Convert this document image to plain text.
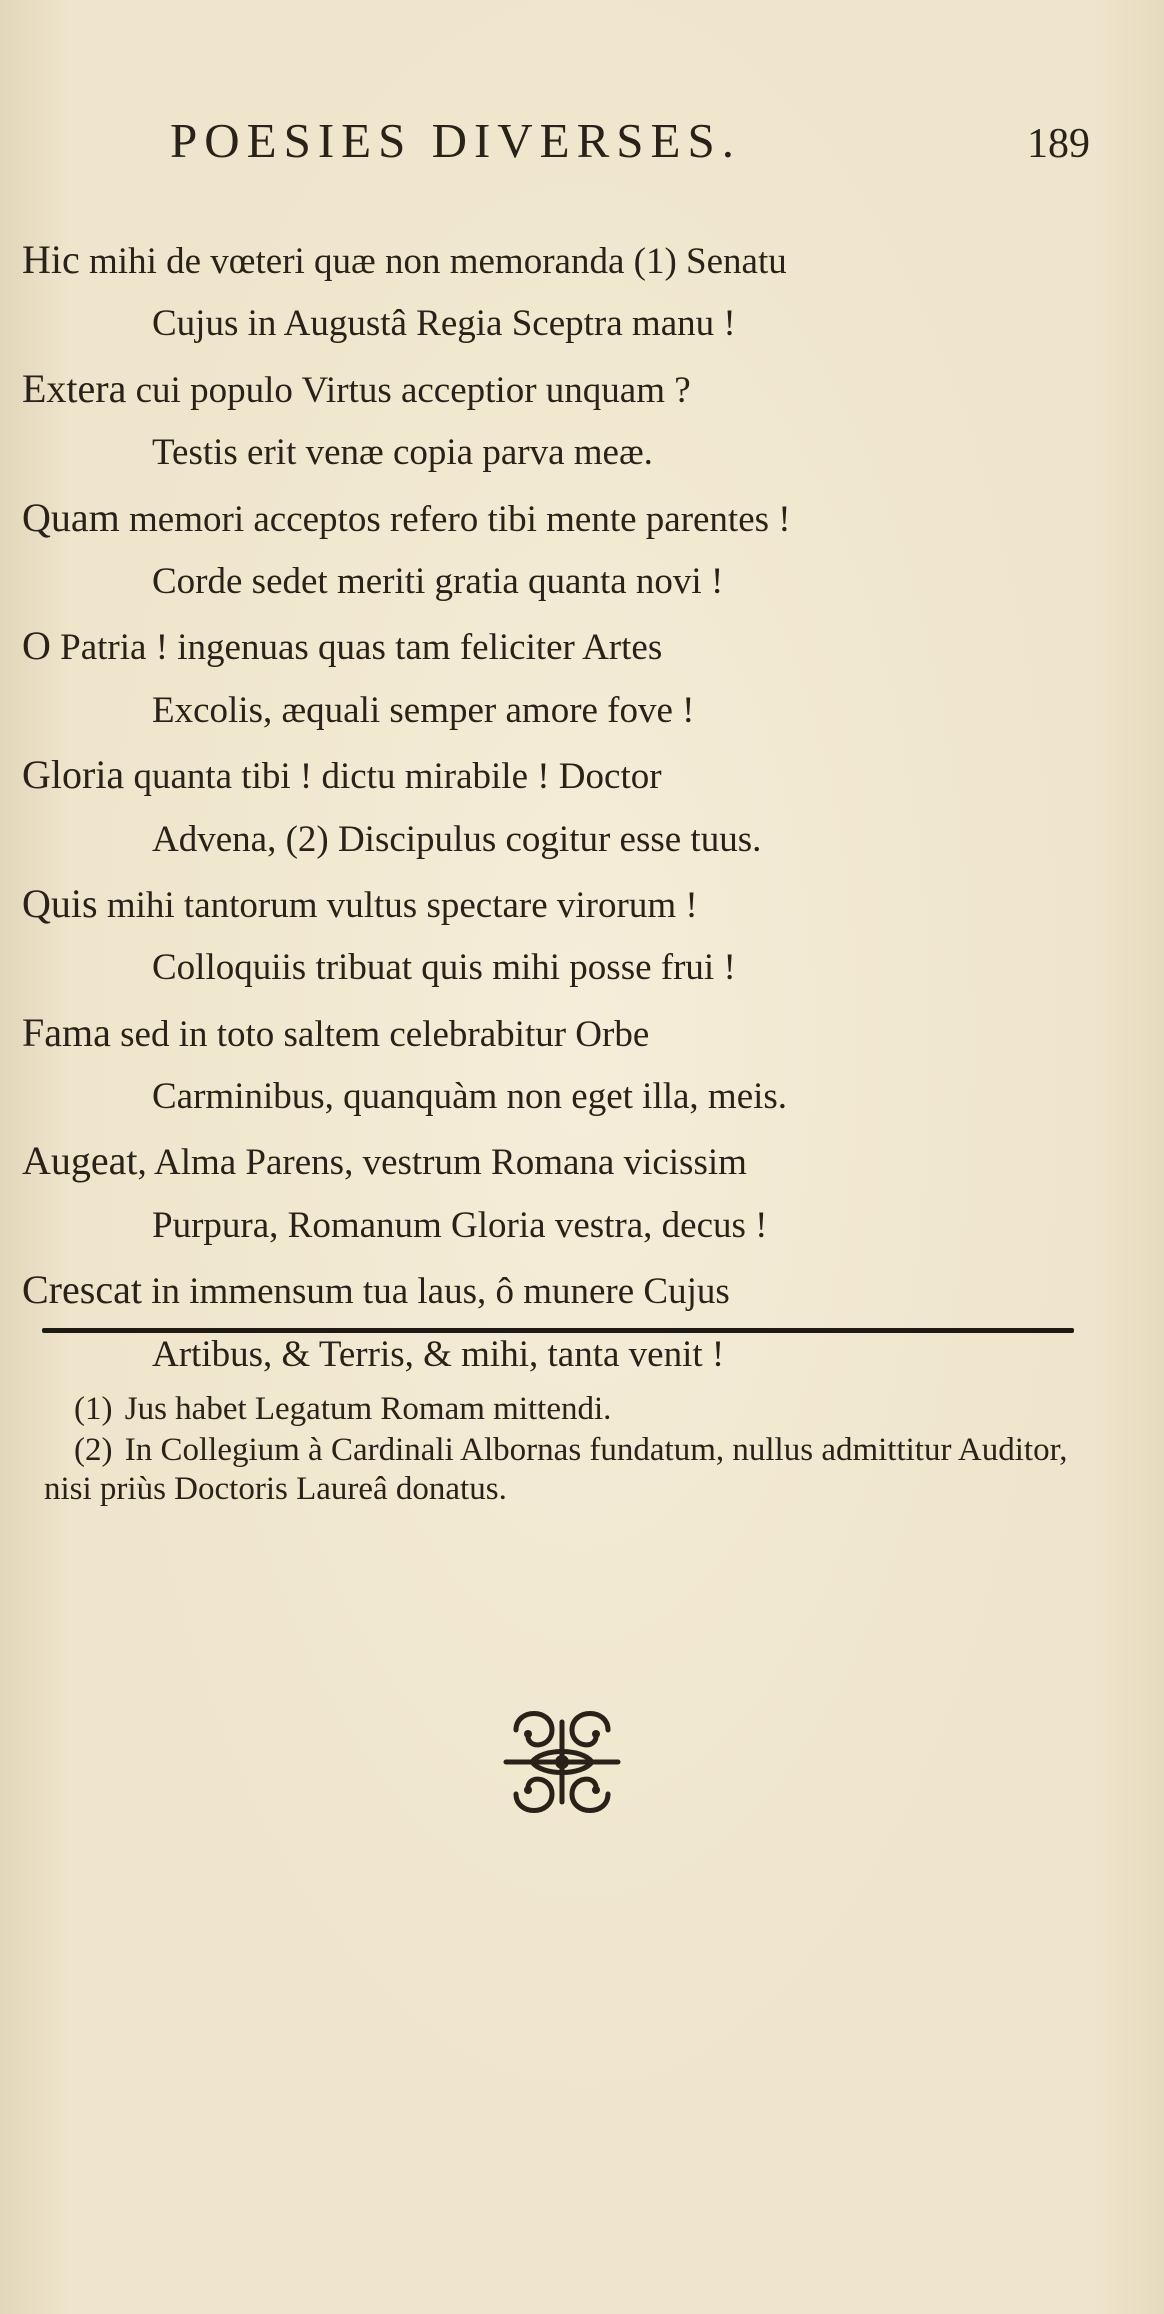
POESIES DIVERSES.	189
Hic mihi de vœteri quæ non memoranda (1) Senatu
Cujus in Augustâ Regia Sceptra manu !
Extera cui populo Virtus acceptior unquam ?
Testis erit venæ copia parva meæ.
Quam memori acceptos refero tibi mente parentes !
Corde sedet meriti gratia quanta novi !
O Patria ! ingenuas quas tam feliciter Artes
Excolis, æquali semper amore fove !
Gloria quanta tibi ! dictu mirabile ! Doctor
Advena, (2) Discipulus cogitur esse tuus.
Quis mihi tantorum vultus spectare virorum !
Colloquiis tribuat quis mihi posse frui !
Fama sed in toto saltem celebrabitur Orbe
Carminibus, quanquàm non eget illa, meis.
Augeat, Alma Parens, vestrum Romana vicissim
Purpura, Romanum Gloria vestra, decus !
Crescat in immensum tua laus, ô munere Cujus
Artibus, & Terris, & mihi, tanta venit !

(1) Jus habet Legatum Romam mittendi.

(2) In Collegium à Cardinali Albornas fundatum, nullus admittitur Auditor, nisi priùs Doctoris Laureâ donatus.
